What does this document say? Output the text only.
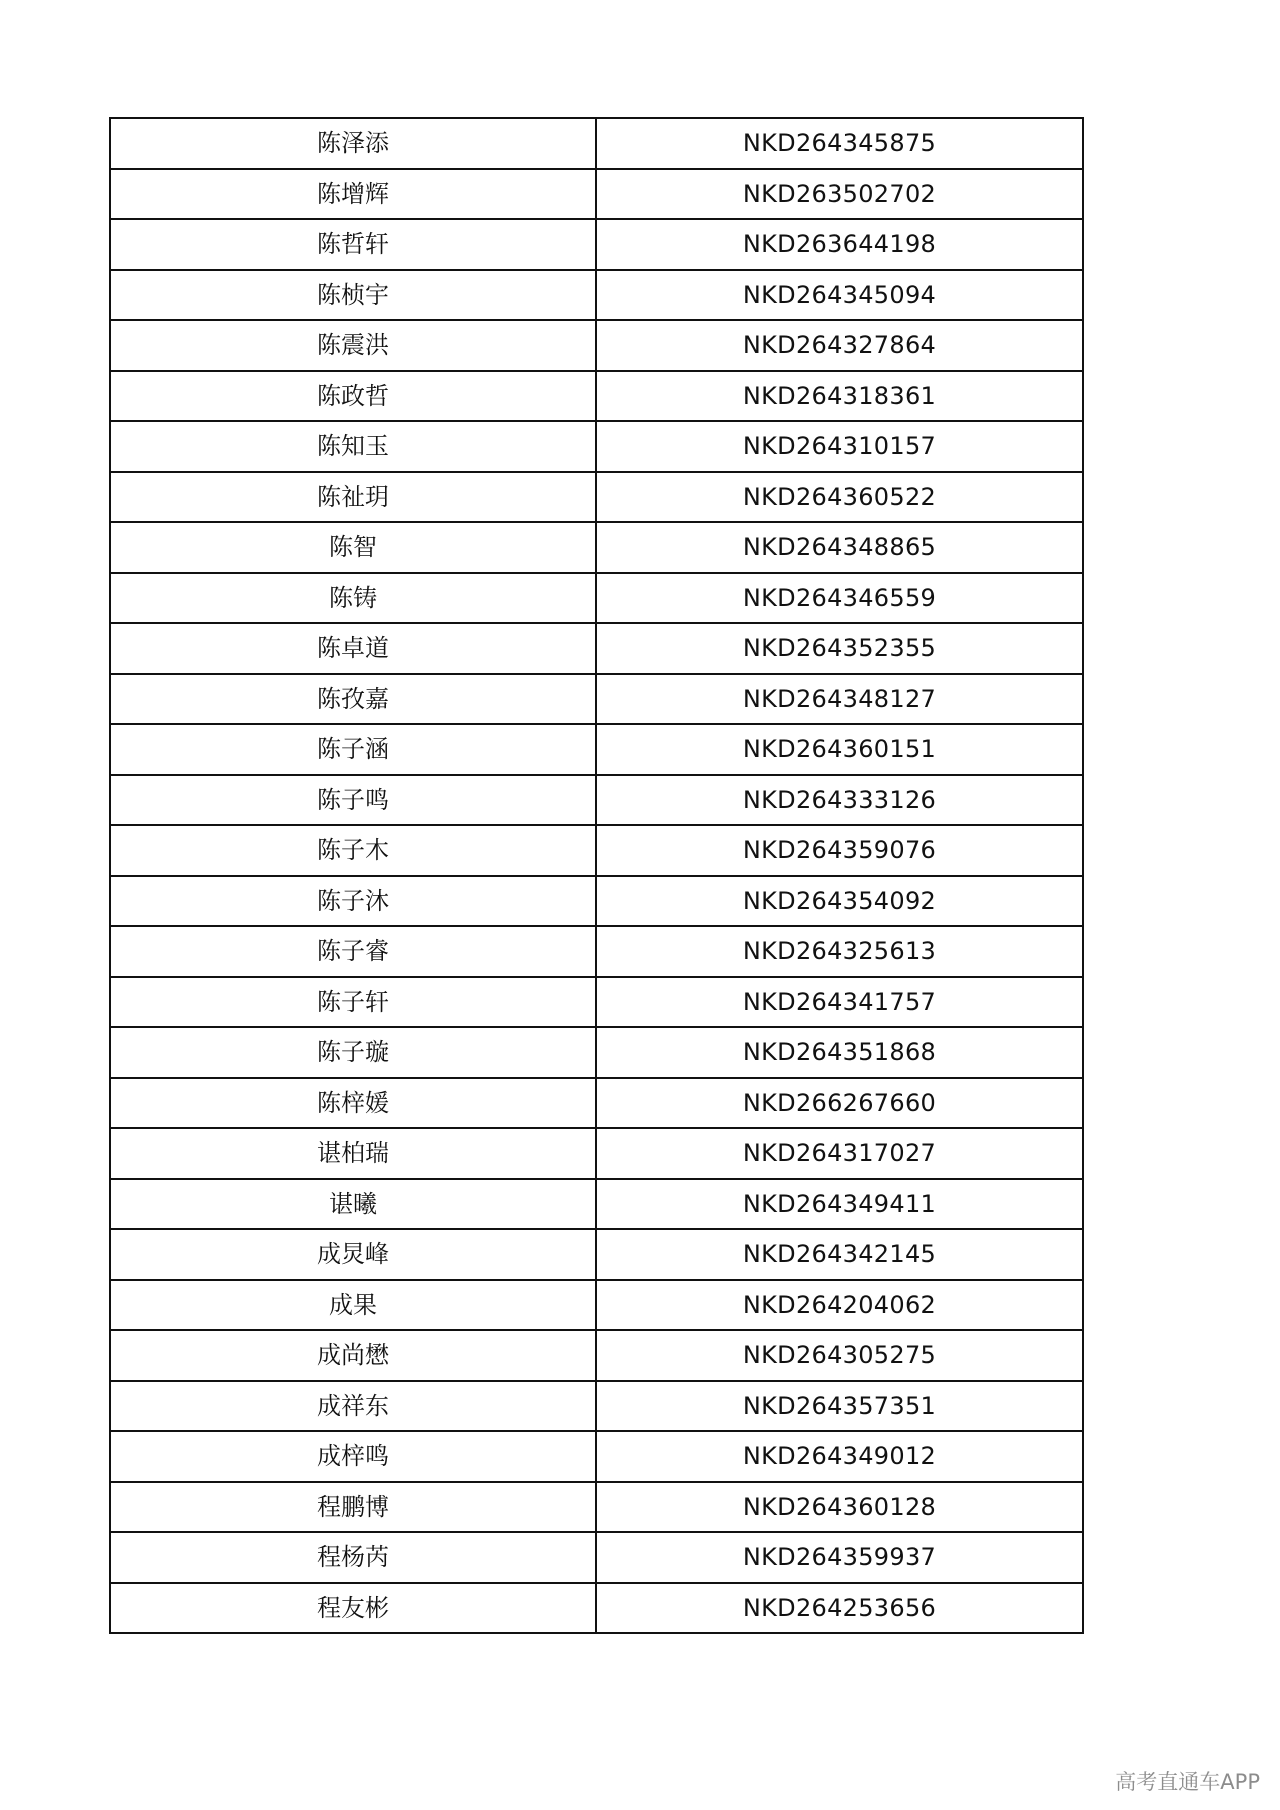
陈泽添	NKD264345875
陈增辉	NKD263502702
陈哲轩	NKD263644198
陈桢宇	NKD264345094
陈震洪	NKD264327864
陈政哲	NKD264318361
陈知玉	NKD264310157
陈祉玥	NKD264360522
陈智	NKD264348865
陈铸	NKD264346559
陈卓道	NKD264352355
陈孜嘉	NKD264348127
陈子涵	NKD264360151
陈子鸣	NKD264333126
陈子木	NKD264359076
陈子沐	NKD264354092
陈子睿	NKD264325613
陈子轩	NKD264341757
陈子璇	NKD264351868
陈梓媛	NKD266267660
谌柏瑞	NKD264317027
谌曦	NKD264349411
成炅峰	NKD264342145
成果	NKD264204062
成尚懋	NKD264305275
成祥东	NKD264357351
成梓鸣	NKD264349012
程鹏博	NKD264360128
程杨芮	NKD264359937
程友彬	NKD264253656
高考直通车APP
